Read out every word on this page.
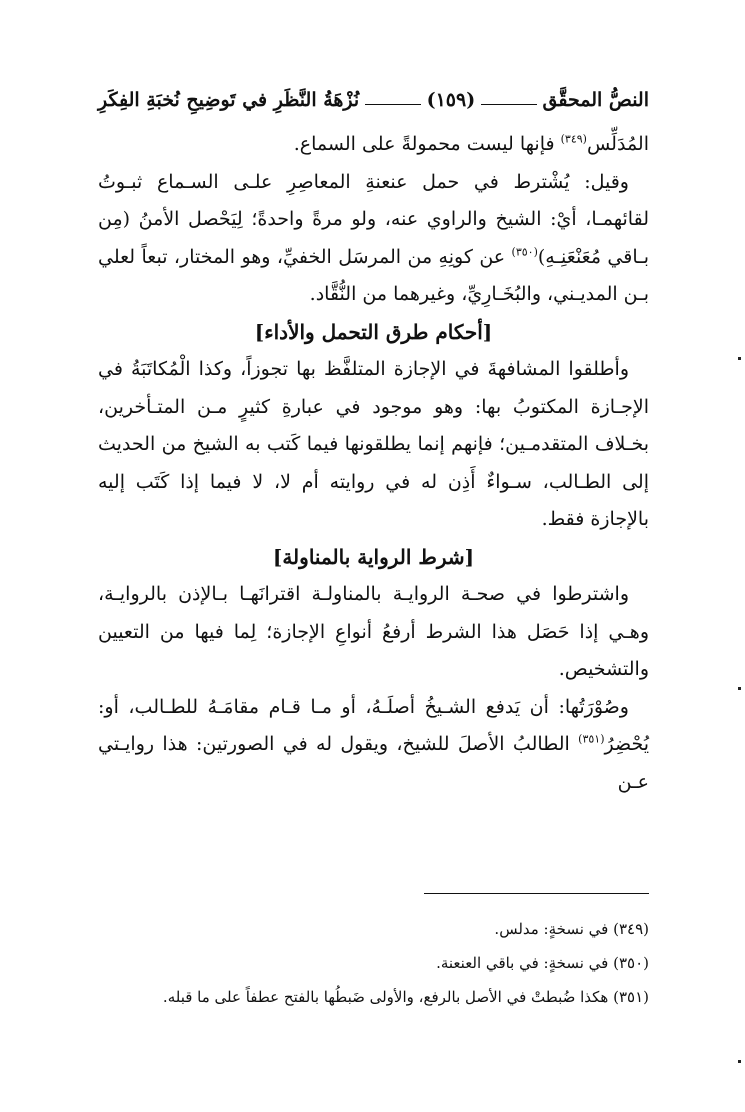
النصُّ المحقَّق
(١٥٩)
نُزْهَةُ النَّظَرِ في تَوضِيحِ نُخبَةِ الفِكَرِ

المُدَلِّس$^{(٣٤٩)}$ فإنها ليست محمولةً على السماع.

وقيل: يُشْترط في حمل عنعنةِ المعاصِرِ علـى السـماع ثبـوتُ لقائهمـا، أيْ: الشيخ والراوي عنه، ولو مرةً واحدةً؛ لِيَحْصل الأمنُ (مِن بـاقي مُعَنْعَنِـهِ)$^{(٣٥٠)}$ عن كونِهِ من المرسَل الخفيِّ، وهو المختار، تبعاً لعلي بـن المديـني، والبُخَـارِيِّ، وغيرهما من النُّقَّاد.

[أحكام طرق التحمل والأداء]

وأطلقوا المشافهةَ في الإجازة المتلفَّظ بها تجوزاً، وكذا الْمُكاتَبَةُ في الإجـازة المكتوبُ بها: وهو موجود في عبارةِ كثيرٍ مـن المتـأخرين، بخـلاف المتقدمـين؛ فإنهم إنما يطلقونها فيما كَتب به الشيخ من الحديث إلى الطـالب، سـواءٌ أَذِن له في روايته أم لا، لا فيما إذا كَتَب إليه بالإجازة فقط.

[شرط الرواية بالمناولة]

واشترطوا في صحـة الروايـة بالمناولـة اقترانَهـا بـالإذن بالروايـة، وهـي إذا حَصَل هذا الشرط أرفعُ أنواعِ الإجازة؛ لِما فيها من التعيين والتشخيص.

وصُوْرَتُها: أن يَدفع الشـيخُ أصلَـهُ، أو مـا قـام مقامَـهُ للطـالب، أو: يُحْضِرُ$^{(٣٥١)}$ الطالبُ الأصلَ للشيخ، ويقول له في الصورتين: هذا روايـتي عـن

(٣٤٩) في نسخةٍ: مدلس.
(٣٥٠) في نسخةٍ: في باقي العنعنة.
(٣٥١) هكذا ضُبطتْ في الأصل بالرفع، والأولى ضَبطُها بالفتح عطفاً على ما قبله.
